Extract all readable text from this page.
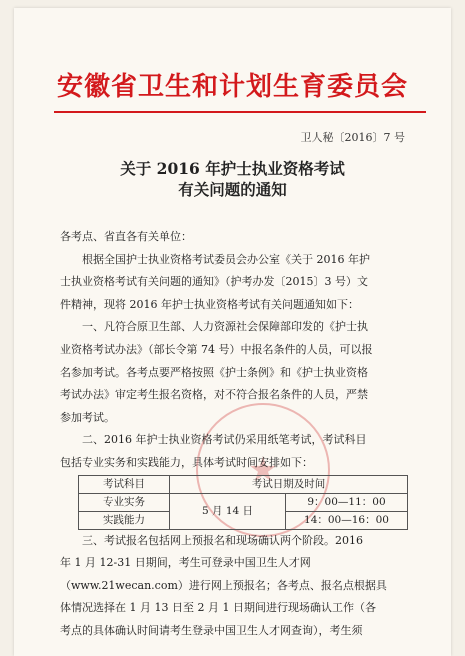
安徽省卫生和计划生育委员会
卫人秘〔2016〕7 号
关于 2016 年护士执业资格考试
有关问题的通知
★

各考点、省直各有关单位：

根据全国护士执业资格考试委员会办公室《关于 2016 年护

士执业资格考试有关问题的通知》（护考办发〔2015〕3 号）文

件精神，现将 2016 年护士执业资格考试有关问题通知如下：

一、凡符合原卫生部、人力资源社会保障部印发的《护士执

业资格考试办法》（部长令第 74 号）中报名条件的人员，可以报

名参加考试。各考点要严格按照《护士条例》和《护士执业资格

考试办法》审定考生报名资格，对不符合报名条件的人员，严禁

参加考试。

二、2016 年护士执业资格考试仍采用纸笔考试，考试科目

包括专业实务和实践能力，具体考试时间安排如下：

考试科目	考试日期及时间	
专业实务	5 月 14 日	9：00—11：00
实践能力		14：00—16：00

三、考试报名包括网上预报名和现场确认两个阶段。2016

年 1 月 12-31 日期间，考生可登录中国卫生人才网

（www.21wecan.com）进行网上预报名；各考点、报名点根据具

体情况选择在 1 月 13 日至 2 月 1 日期间进行现场确认工作（各

考点的具体确认时间请考生登录中国卫生人才网查询），考生须
